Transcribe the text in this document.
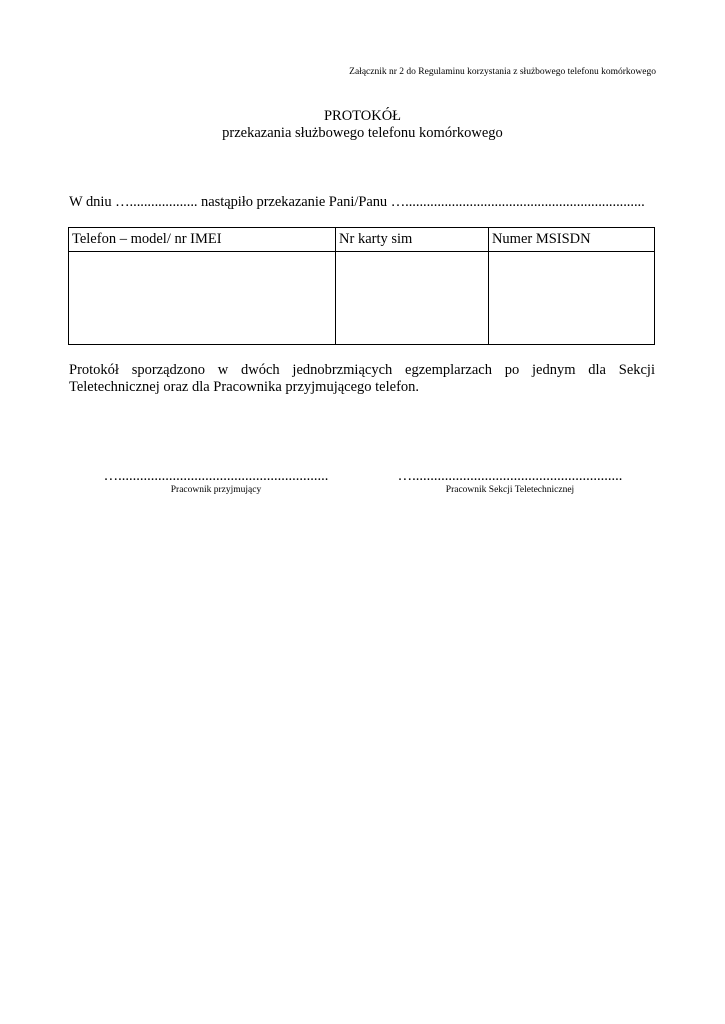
Załącznik nr 2 do Regulaminu korzystania z służbowego telefonu komórkowego
PROTOKÓŁ
przekazania służbowego telefonu komórkowego
W dniu …................... nastąpiło przekazanie Pani/Panu …...................................................................
Telefon – model/ nr IMEI	Nr karty sim	Numer MSISDN

Protokół sporządzono w dwóch jednobrzmiących egzemplarzach po jednym dla Sekcji Teletechnicznej oraz dla Pracownika przyjmującego telefon.
…..........................................................
Pracownik przyjmujący
…..........................................................
Pracownik Sekcji Teletechnicznej
